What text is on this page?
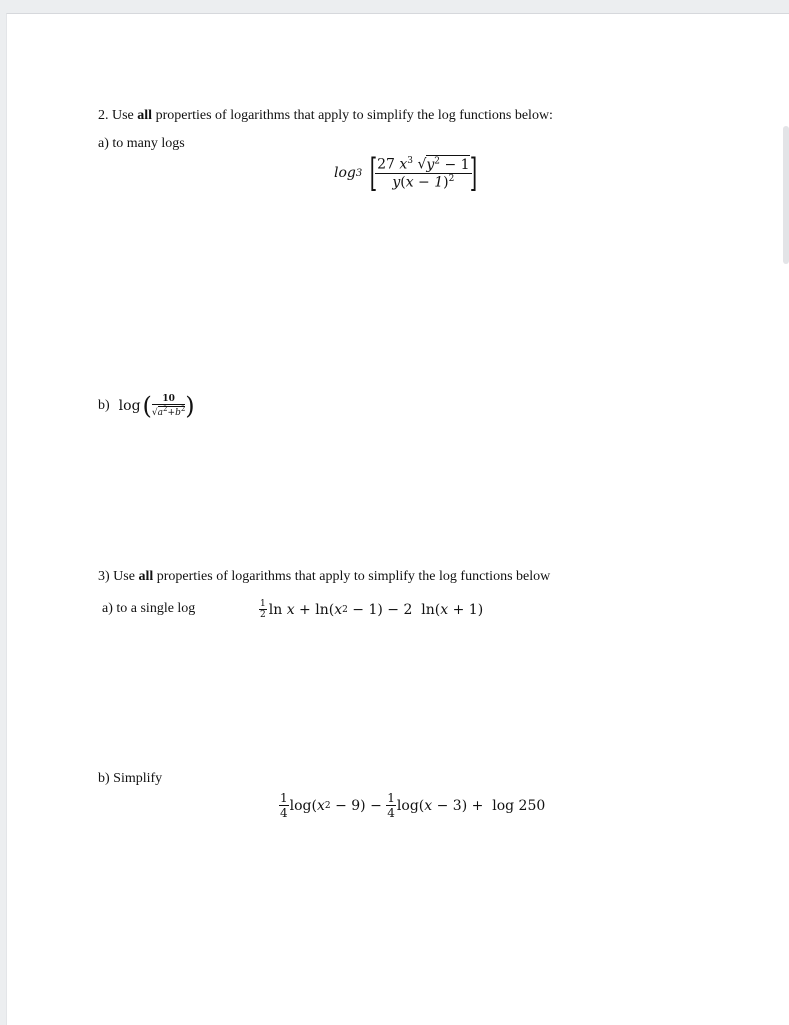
2. Use all properties of logarithms that apply to simplify the log functions below:
a) to many logs
log 3 [
$\frac{27 x^3 √y^2 - 1}{y(x - 1)^2}$
]
b) log ( $\frac{10}{√a^2+b^2}$ )
3) Use all properties of logarithms that apply to simplify the log functions below
a) to a single log	$\frac{1}{2}$ ln
x
+
ln( x 2 − 1) − 2  ln( x + 1)
b) Simplify
$\frac{1}{4} \log$( x $2 - 9) - \frac{1}{4} \log$( x − 3) +  log 250
